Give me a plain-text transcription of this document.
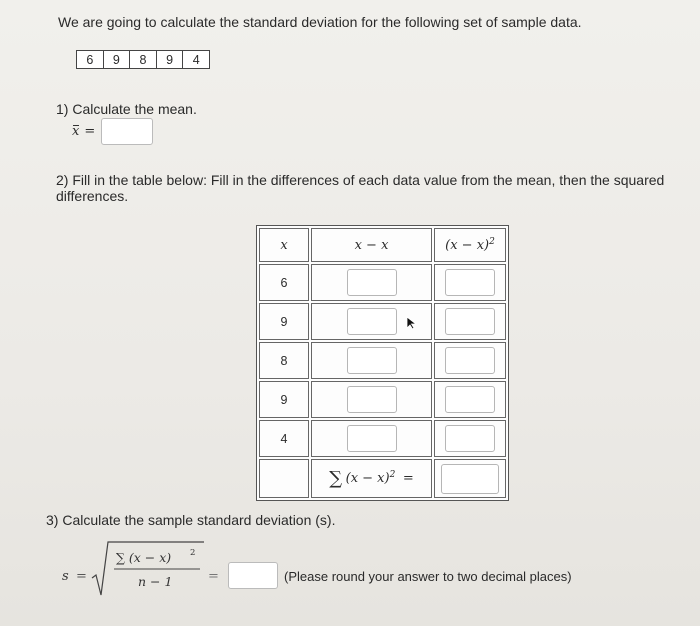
We are going to calculate the standard deviation for the following set of sample data.
6	9	8	9	4
1) Calculate the mean.
x =
2) Fill in the table below: Fill in the differences of each data value from the mean, then the squared differences.
x	x − x	$(x - x)^2$
6	

9	

8	

9	

4	

	∑ $(x - x)^2$ =	
3) Calculate the sample standard deviation (s).
s =
∑ (x − x) 2
n − 1	=	(Please round your answer to two decimal places)
